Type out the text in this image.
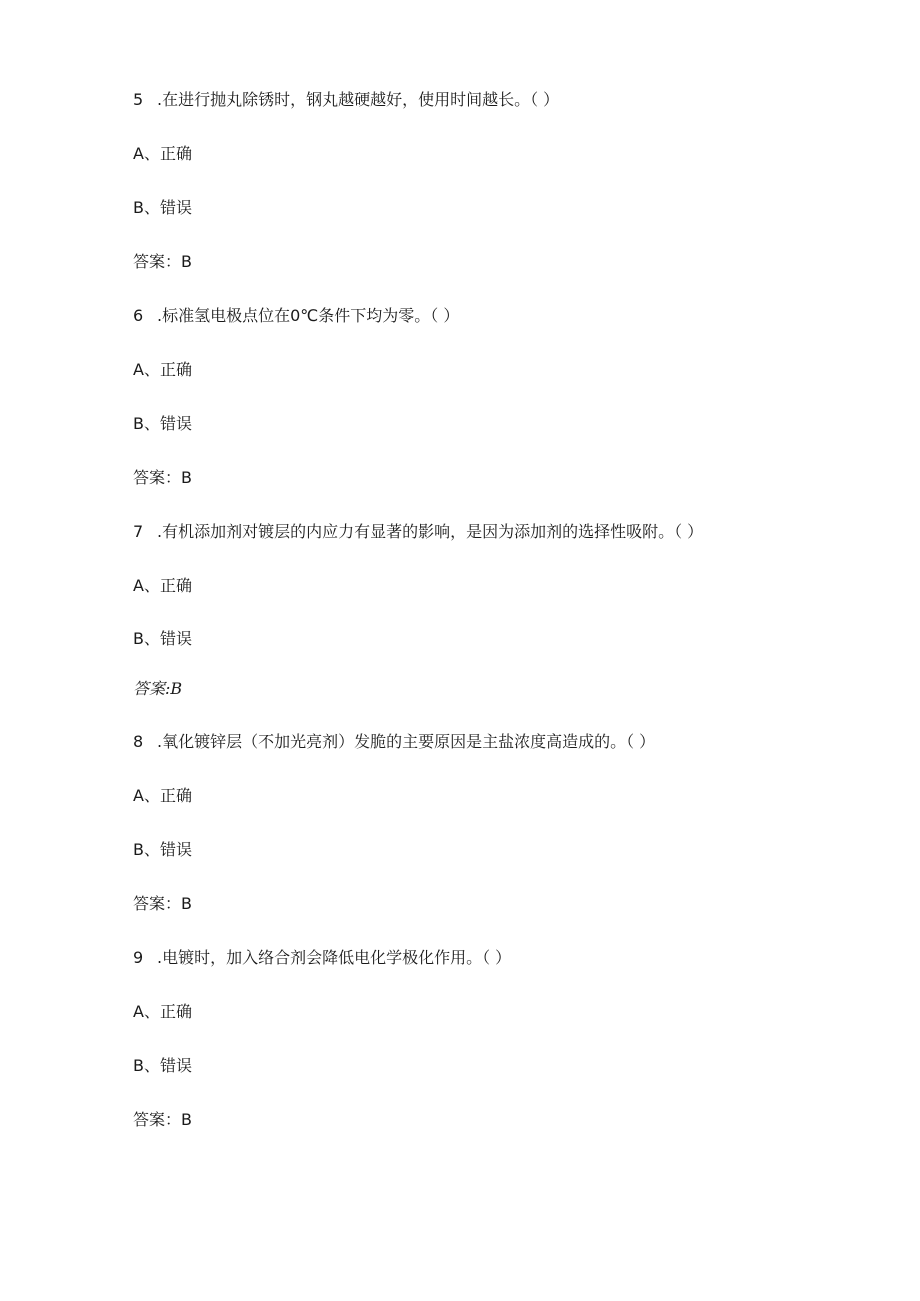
5 .在进行抛丸除锈时，钢丸越硬越好，使用时间越长。（ ）
A、正确
B、错误
答案：B
6 .标准氢电极点位在0℃条件下均为零。（ ）
A、正确
B、错误
答案：B
7 .有机添加剂对镀层的内应力有显著的影响，是因为添加剂的选择性吸附。（ ）
A、正确
B、错误
答案:B
8 .氧化镀锌层（不加光亮剂）发脆的主要原因是主盐浓度高造成的。（ ）
A、正确
B、错误
答案：B
9 .电镀时，加入络合剂会降低电化学极化作用。（ ）
A、正确
B、错误
答案：B
